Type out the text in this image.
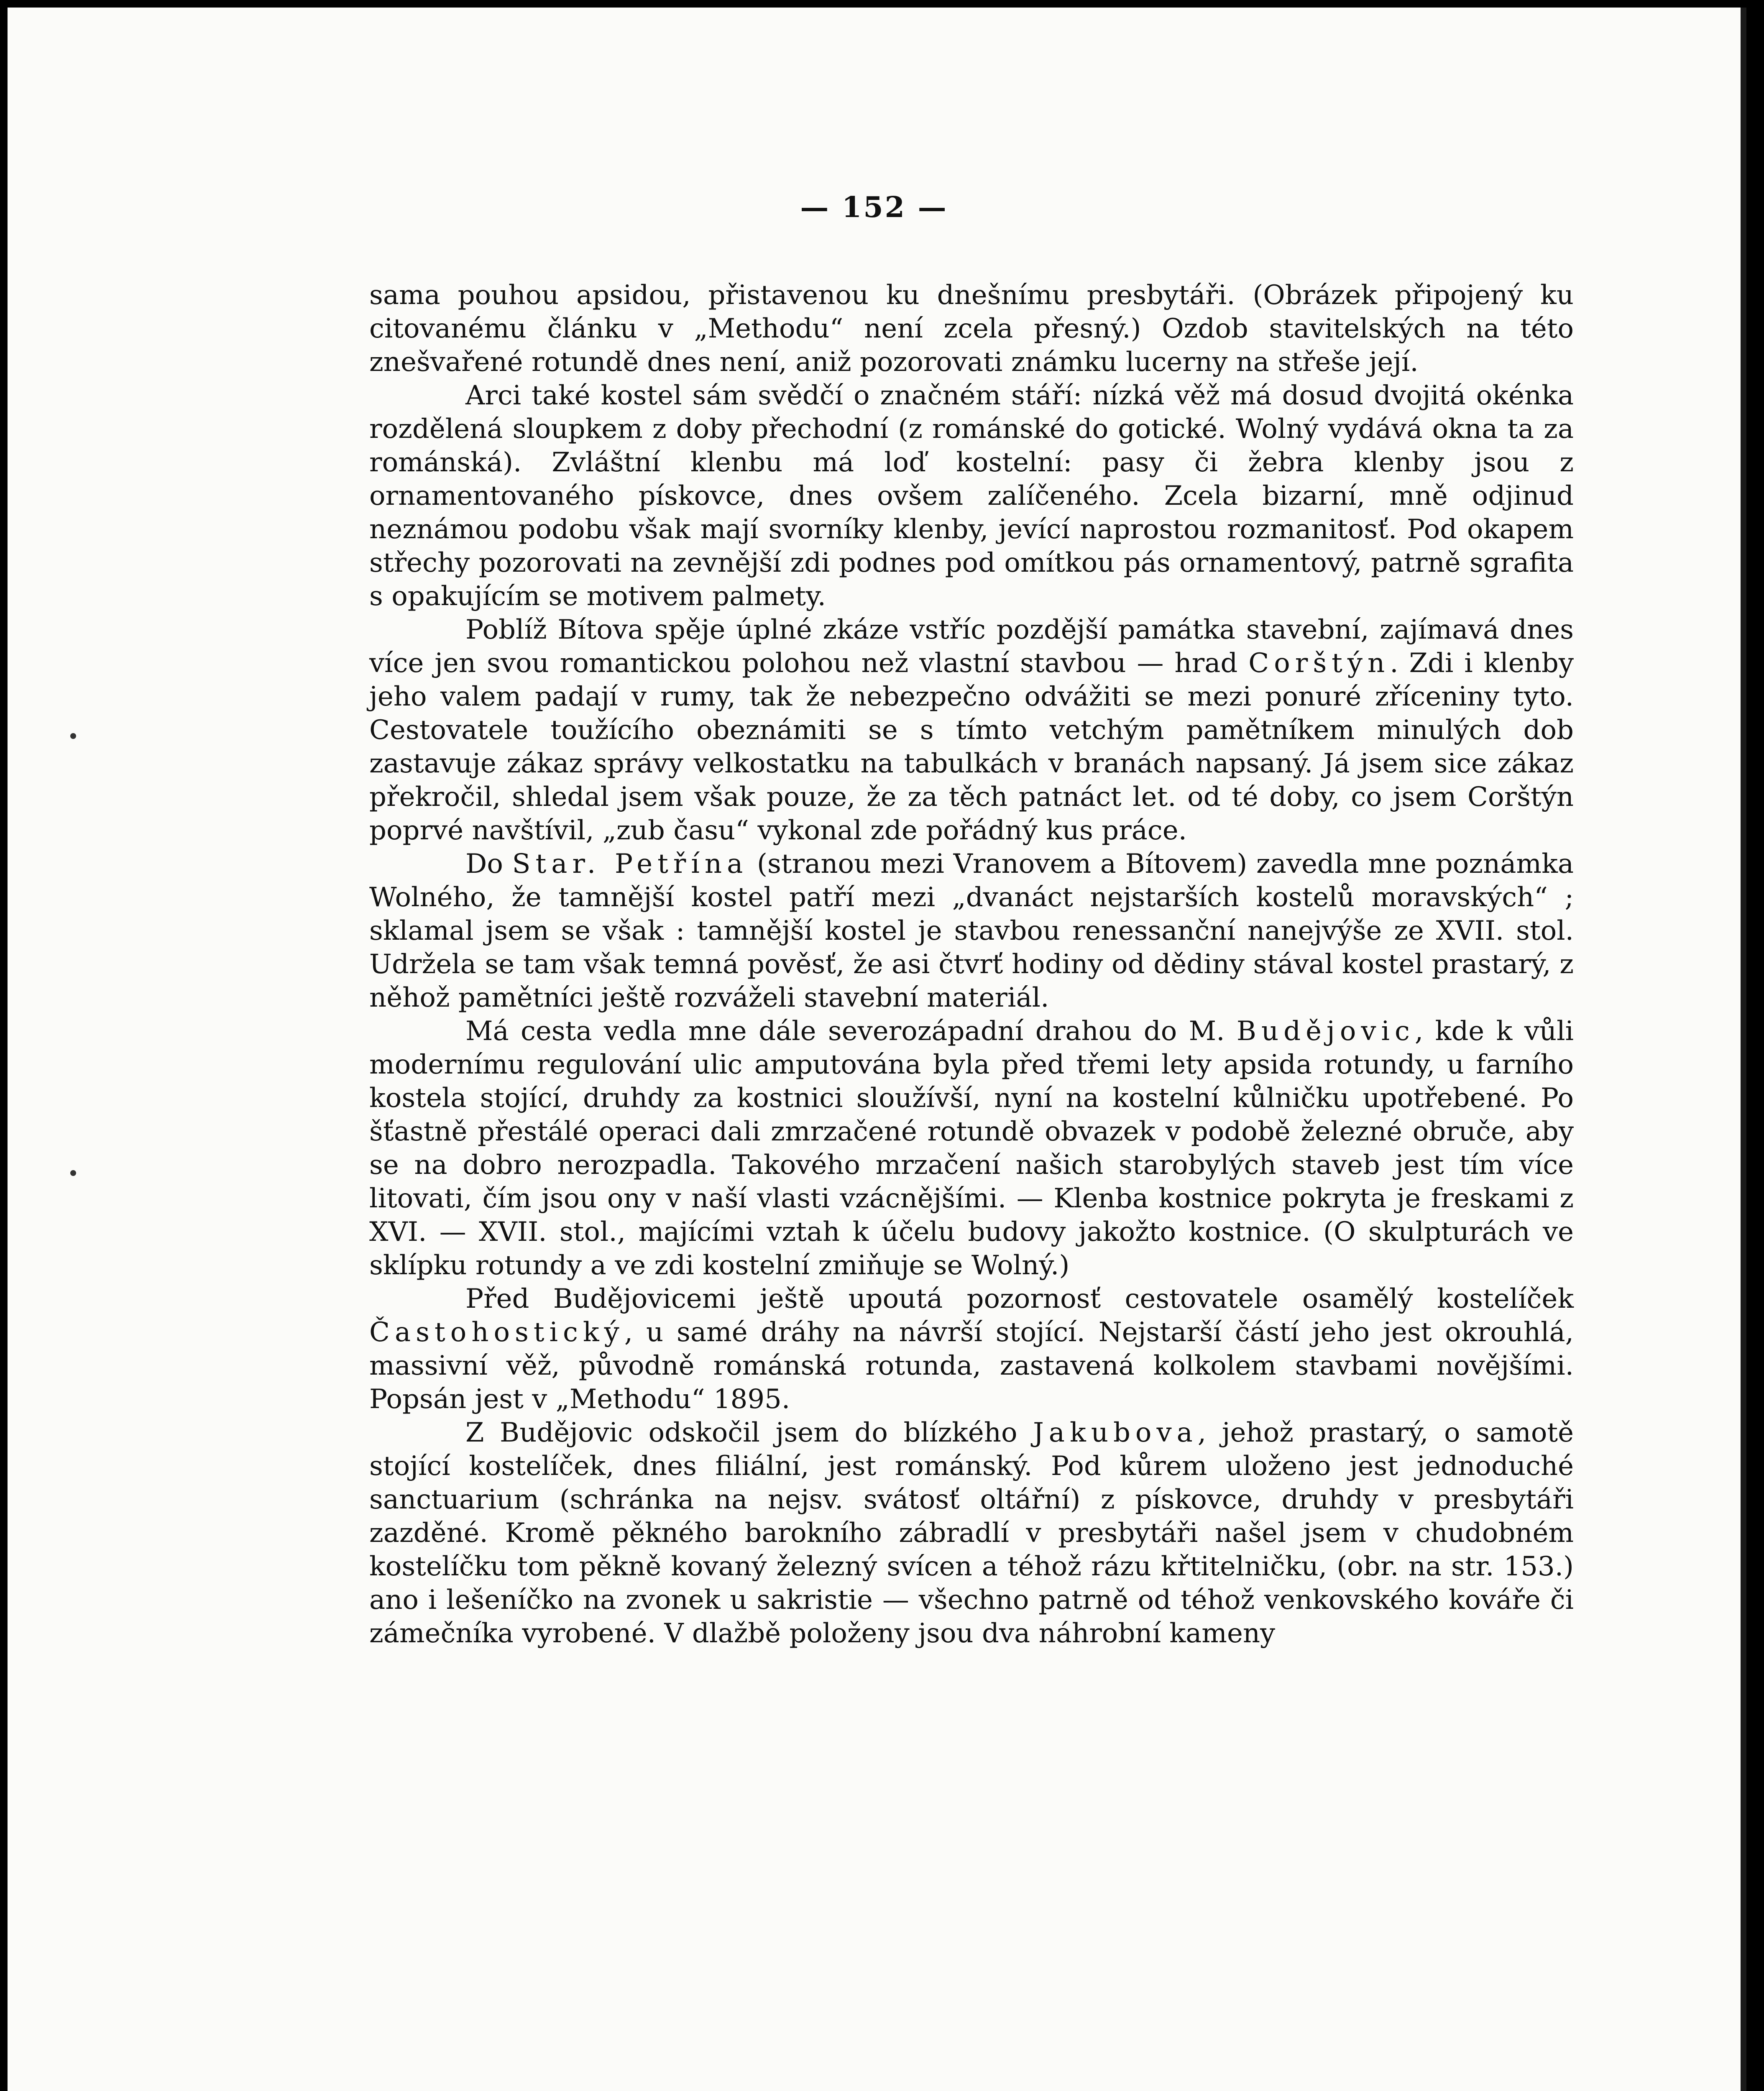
— 152 —

sama pouhou apsidou, přistavenou ku dnešnímu presbytáři. (Obrázek připojený ku citovanému článku v „Methodu“ není zcela přesný.) Ozdob stavitelských na této znešvařené rotundě dnes není, aniž pozorovati známku lucerny na střeše její.

Arci také kostel sám svědčí o značném stáří: nízká věž má dosud dvojitá okénka rozdělená sloupkem z doby přechodní (z románské do gotické. Wolný vydává okna ta za románská). Zvláštní klenbu má loď kostelní: pasy či žebra klenby jsou z ornamentovaného pískovce, dnes ovšem zalíčeného. Zcela bizarní, mně odjinud neznámou podobu však mají svorníky klenby, jevící naprostou rozmanitosť. Pod okapem střechy pozorovati na zevnější zdi podnes pod omítkou pás ornamentový, patrně sgrafita s opakujícím se motivem palmety.

Poblíž Bítova spěje úplné zkáze vstříc pozdější památka stavební, zajímavá dnes více jen svou romantickou polohou než vlastní stavbou — hrad Corštýn. Zdi i klenby jeho valem padají v rumy, tak že nebezpečno odvážiti se mezi ponuré zříceniny tyto. Cestovatele toužícího obeznámiti se s tímto vetchým pamětníkem minulých dob zastavuje zákaz správy velkostatku na tabulkách v branách napsaný. Já jsem sice zákaz překročil, shledal jsem však pouze, že za těch patnáct let. od té doby, co jsem Corštýn poprvé navštívil, „zub času“ vykonal zde pořádný kus práce.

Do Star. Petřína (stranou mezi Vranovem a Bítovem) zavedla mne poznámka Wolného, že tamnější kostel patří mezi „dvanáct nejstarších kostelů moravských“ ; sklamal jsem se však : tamnější kostel je stavbou renessanční nanejvýše ze XVII. stol. Udržela se tam však temná pověsť, že asi čtvrť hodiny od dědiny stával kostel prastarý, z něhož pamětníci ještě rozváželi stavební materiál.

Má cesta vedla mne dále severozápadní drahou do M. Budějovic, kde k vůli modernímu regulování ulic amputována byla před třemi lety apsida rotundy, u farního kostela stojící, druhdy za kostnici sloužívší, nyní na kostelní kůlničku upotřebené. Po šťastně přestálé operaci dali zmrzačené rotundě obvazek v podobě železné obruče, aby se na dobro nerozpadla. Takového mrzačení našich starobylých staveb jest tím více litovati, čím jsou ony v naší vlasti vzácnějšími. — Klenba kostnice pokryta je freskami z XVI. — XVII. stol., majícími vztah k účelu budovy jakožto kostnice. (O skulpturách ve sklípku rotundy a ve zdi kostelní zmiňuje se Wolný.)

Před Budějovicemi ještě upoutá pozornosť cestovatele osamělý kostelíček Častohostický, u samé dráhy na návrší stojící. Nejstarší částí jeho jest okrouhlá, massivní věž, původně románská rotunda, zastavená kolkolem stavbami novějšími. Popsán jest v „Methodu“ 1895.

Z Budějovic odskočil jsem do blízkého Jakubova, jehož prastarý, o samotě stojící kostelíček, dnes filiální, jest románský. Pod kůrem uloženo jest jednoduché sanctuarium (schránka na nejsv. svátosť oltářní) z pískovce, druhdy v presbytáři zazděné. Kromě pěkného barokního zábradlí v presbytáři našel jsem v chudobném kostelíčku tom pěkně kovaný železný svícen a téhož rázu křtitelničku, (obr. na str. 153.) ano i lešeníčko na zvonek u sakristie — všechno patrně od téhož venkovského kováře či zámečníka vyrobené. V dlažbě položeny jsou dva náhrobní kameny
